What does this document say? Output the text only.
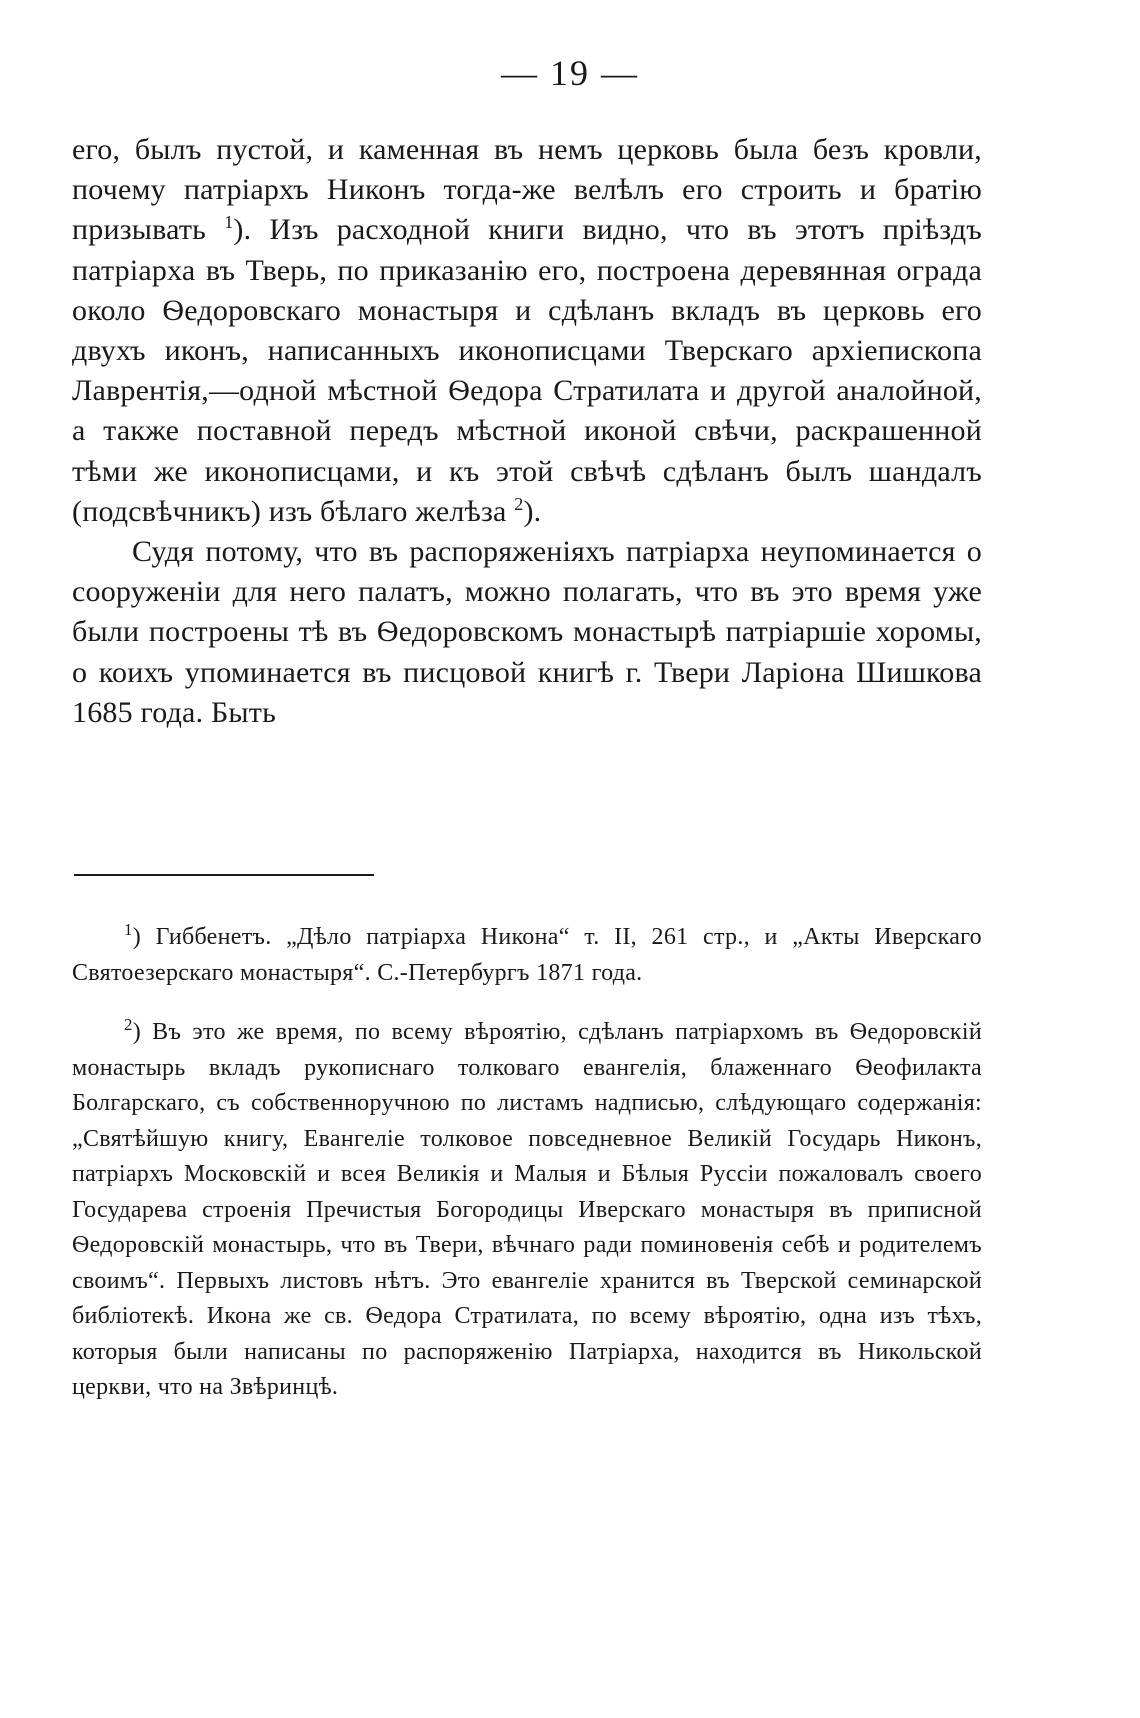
— 19 —

его, былъ пустой, и каменная въ немъ церковь была безъ кровли, почему патріархъ Никонъ тогда-же велѣлъ его строить и братію призывать $^1$). Изъ расходной книги видно, что въ этотъ пріѣздъ патріарха въ Тверь, по приказанію его, построена деревянная ограда около Ѳедоровскаго монастыря и сдѣланъ вкладъ въ церковь его двухъ иконъ, написанныхъ иконописцами Тверскаго архіепископа Лаврентія,—одной мѣстной Ѳедора Стратилата и другой аналойной, а также поставной передъ мѣстной иконой свѣчи, раскрашенной тѣми же иконописцами, и къ этой свѣчѣ сдѣланъ былъ шандалъ (подсвѣчникъ) изъ бѣлаго желѣза $^2$).

Судя потому, что въ распоряженіяхъ патріарха неупоминается о сооруженіи для него палатъ, можно полагать, что въ это время уже были построены тѣ въ Ѳедоровскомъ монастырѣ патріаршіе хоромы, о коихъ упоминается въ писцовой книгѣ г. Твери Ларіона Шишкова 1685 года. Быть

$^1$) Гиббенетъ. „Дѣло патріарха Никона“ т. II, 261 стр., и „Акты Иверскаго Святоезерскаго монастыря“. С.-Петербургъ 1871 года.

$^2$) Въ это же время, по всему вѣроятію, сдѣланъ патріархомъ въ Ѳедоровскій монастырь вкладъ рукописнаго толковаго евангелія, блаженнаго Ѳеофилакта Болгарскаго, съ собственноручною по листамъ надписью, слѣдующаго содержанія: „Святѣйшую книгу, Евангеліе толковое повседневное Великій Государь Никонъ, патріархъ Московскій и всея Великія и Малыя и Бѣлыя Руссіи пожаловалъ своего Государева строенія Пречистыя Богородицы Иверскаго монастыря въ приписной Ѳедоровскій монастырь, что въ Твери, вѣчнаго ради поминовенія себѣ и родителемъ своимъ“. Первыхъ листовъ нѣтъ. Это евангеліе хранится въ Тверской семинарской библіотекѣ. Икона же св. Ѳедора Стратилата, по всему вѣроятію, одна изъ тѣхъ, которыя были написаны по распоряженію Патріарха, находится въ Никольской церкви, что на Звѣринцѣ.
